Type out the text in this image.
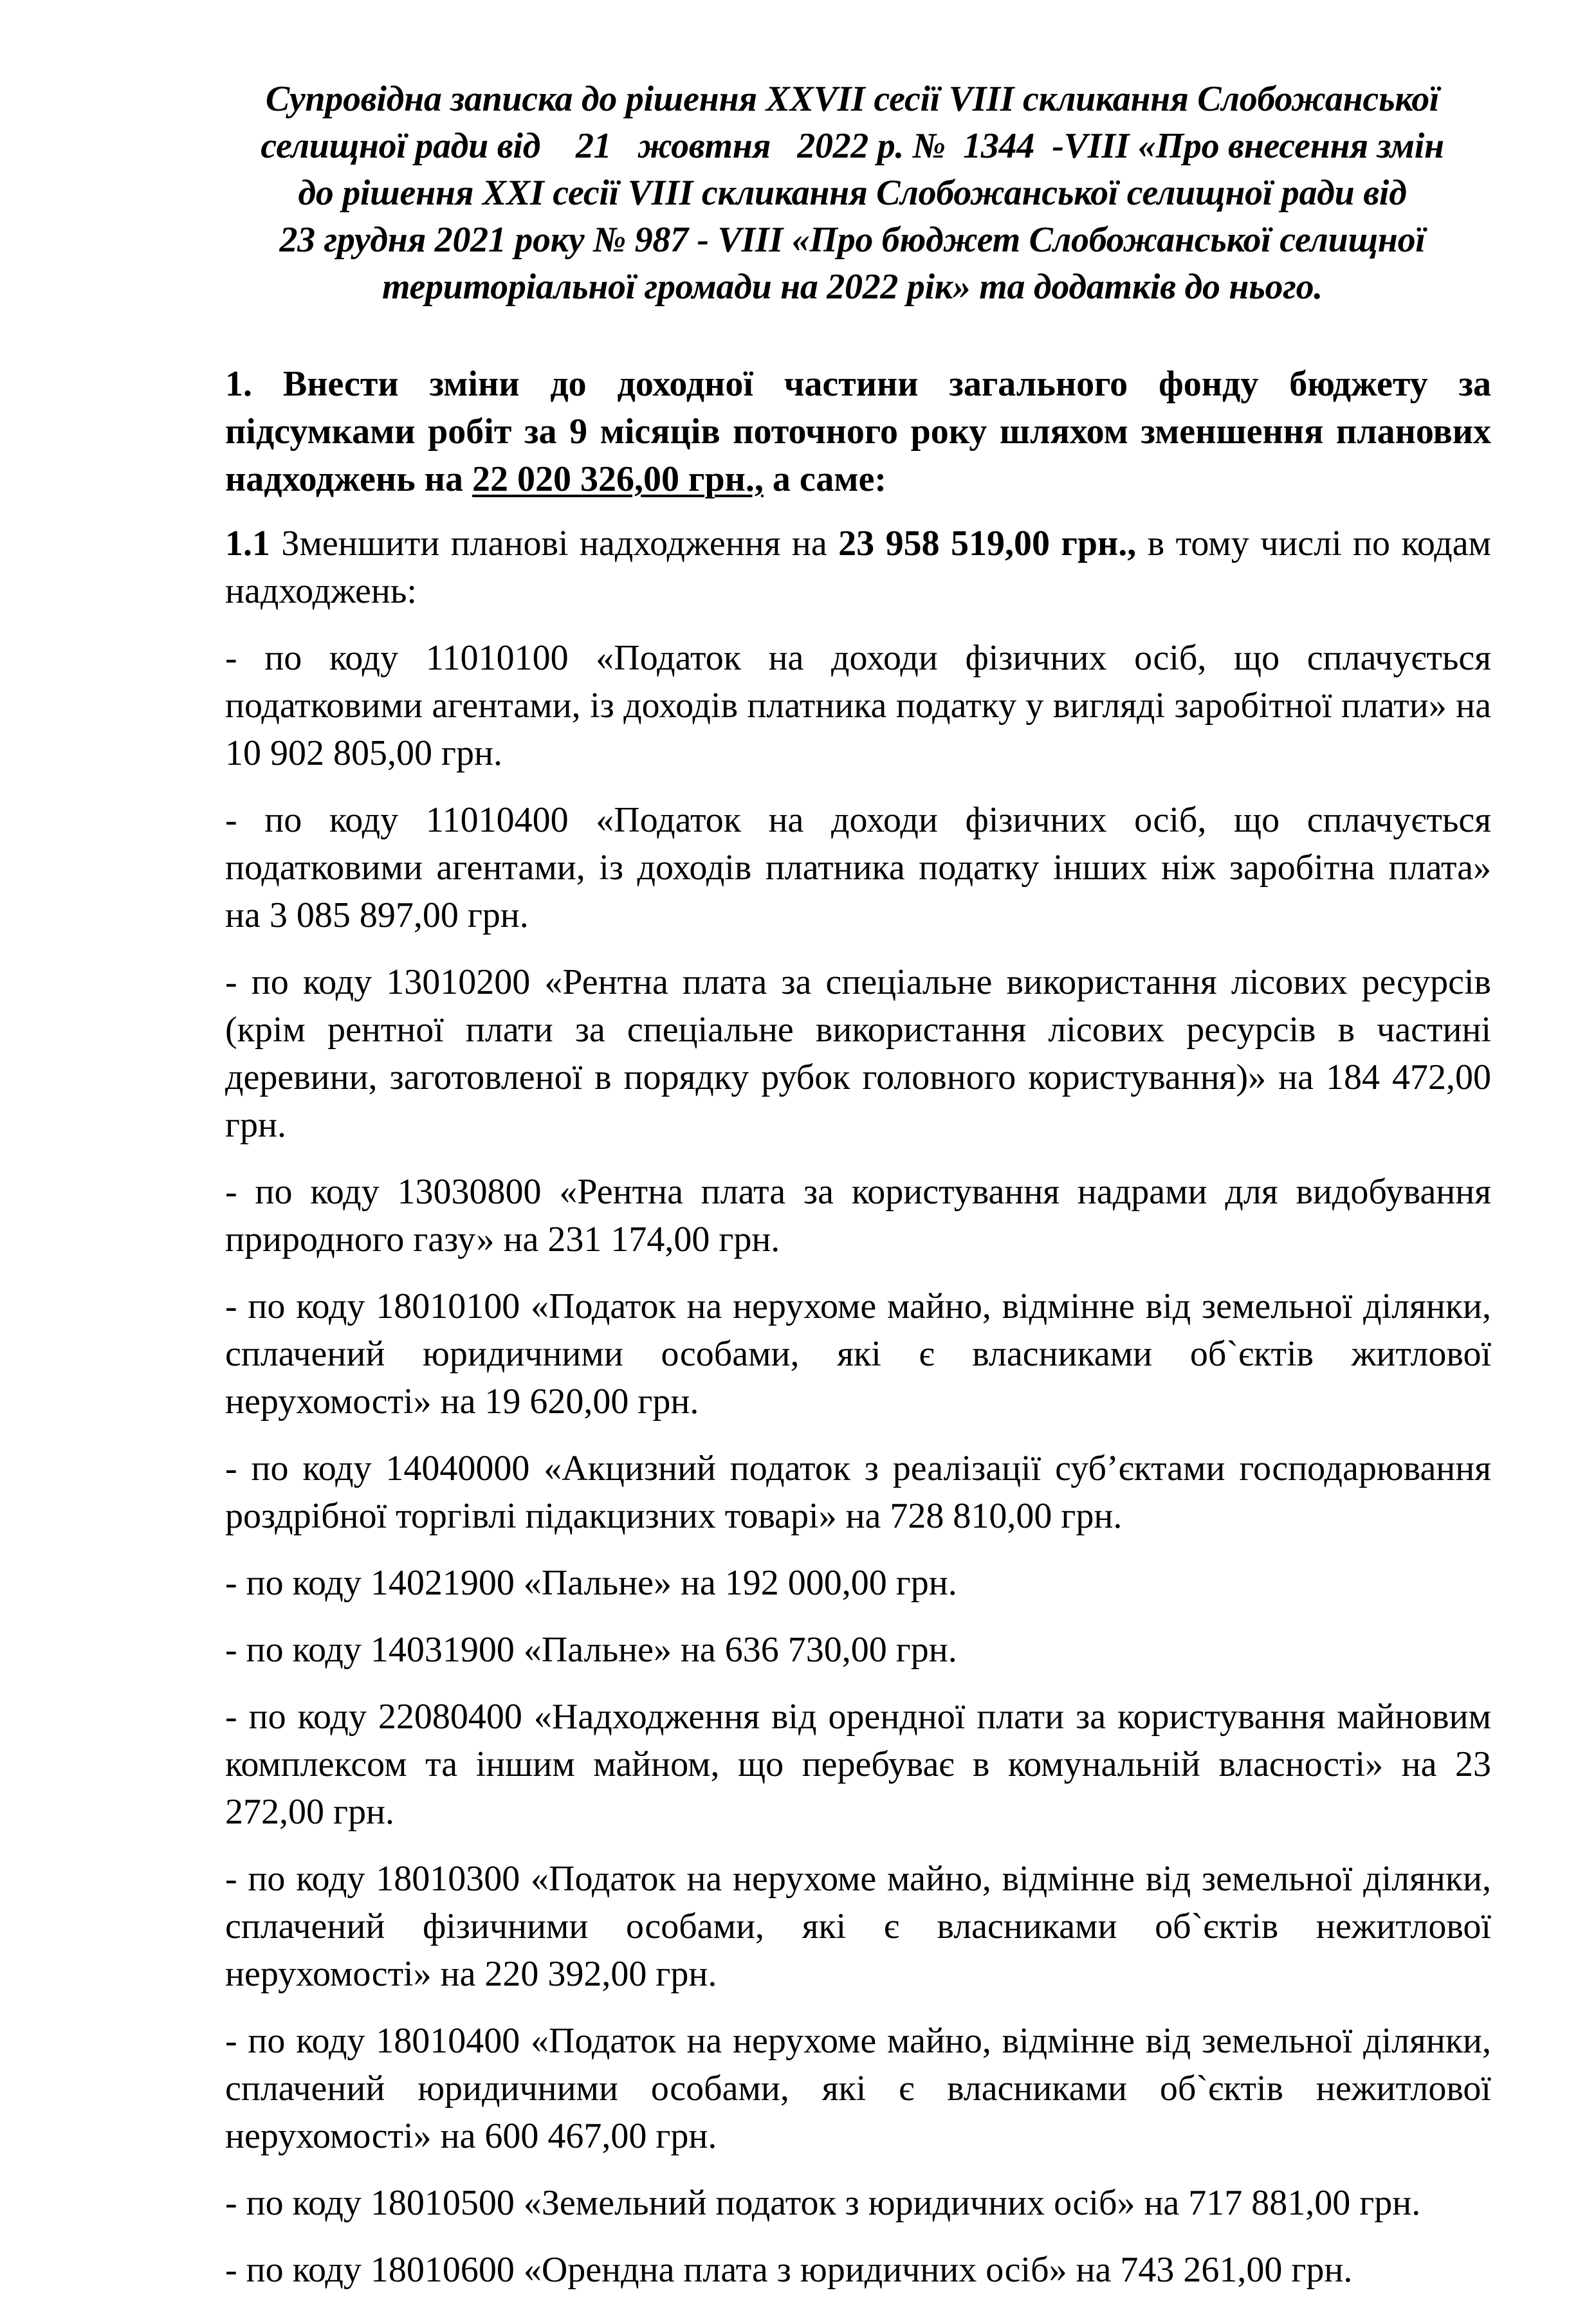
Супровідна записка до рішення XXVII сесії VIII скликання Слобожанської
селищної ради від    21   жовтня   2022 р. №  1344  -VIII «Про внесення змін
до рішення XXI сесії VIII скликання Слобожанської селищної ради від
23 грудня 2021 року № 987 - VIII «Про бюджет Слобожанської селищної
територіальної громади на 2022 рік» та додатків до нього.

1. Внести зміни до доходної частини загального фонду бюджету за підсумками робіт за 9 місяців поточного року шляхом зменшення планових надходжень на 22 020 326,00 грн., а саме:

1.1 Зменшити планові надходження на 23 958 519,00 грн., в тому числі по кодам надходжень:

- по коду 11010100 «Податок на доходи фізичних осіб, що сплачується податковими агентами, із доходів платника податку у вигляді заробітної плати» на 10 902 805,00 грн.

- по коду 11010400 «Податок на доходи фізичних осіб, що сплачується податковими агентами, із доходів платника податку інших ніж заробітна плата» на 3 085 897,00 грн.

- по коду 13010200 «Рентна плата за спеціальне використання лісових ресурсів (крім рентної плати за спеціальне використання лісових ресурсів в частині деревини, заготовленої в порядку рубок головного користування)» на 184 472,00 грн.

- по коду 13030800 «Рентна плата за користування надрами для видобування природного газу» на 231 174,00 грн.

- по коду 18010100 «Податок на нерухоме майно, відмінне від земельної ділянки, сплачений юридичними особами, які є власниками об`єктів житлової нерухомості» на 19 620,00 грн.

- по коду 14040000 «Акцизний податок з реалізації суб’єктами господарювання роздрібної торгівлі підакцизних товарі» на 728 810,00 грн.

- по коду 14021900 «Пальне» на 192 000,00 грн.

- по коду 14031900 «Пальне» на 636 730,00 грн.

- по коду 22080400 «Надходження від орендної плати за користування майновим комплексом та іншим майном, що перебуває в комунальній власності» на 23 272,00 грн.

- по коду 18010300 «Податок на нерухоме майно, відмінне від земельної ділянки, сплачений фізичними особами, які є власниками об`єктів нежитлової нерухомості» на 220 392,00 грн.

- по коду 18010400 «Податок на нерухоме майно, відмінне від земельної ділянки, сплачений юридичними особами, які є власниками об`єктів нежитлової нерухомості» на 600 467,00 грн.

- по коду 18010500 «Земельний податок з юридичних осіб» на 717 881,00 грн.

- по коду 18010600 «Орендна плата з юридичних осіб» на 743 261,00 грн.
